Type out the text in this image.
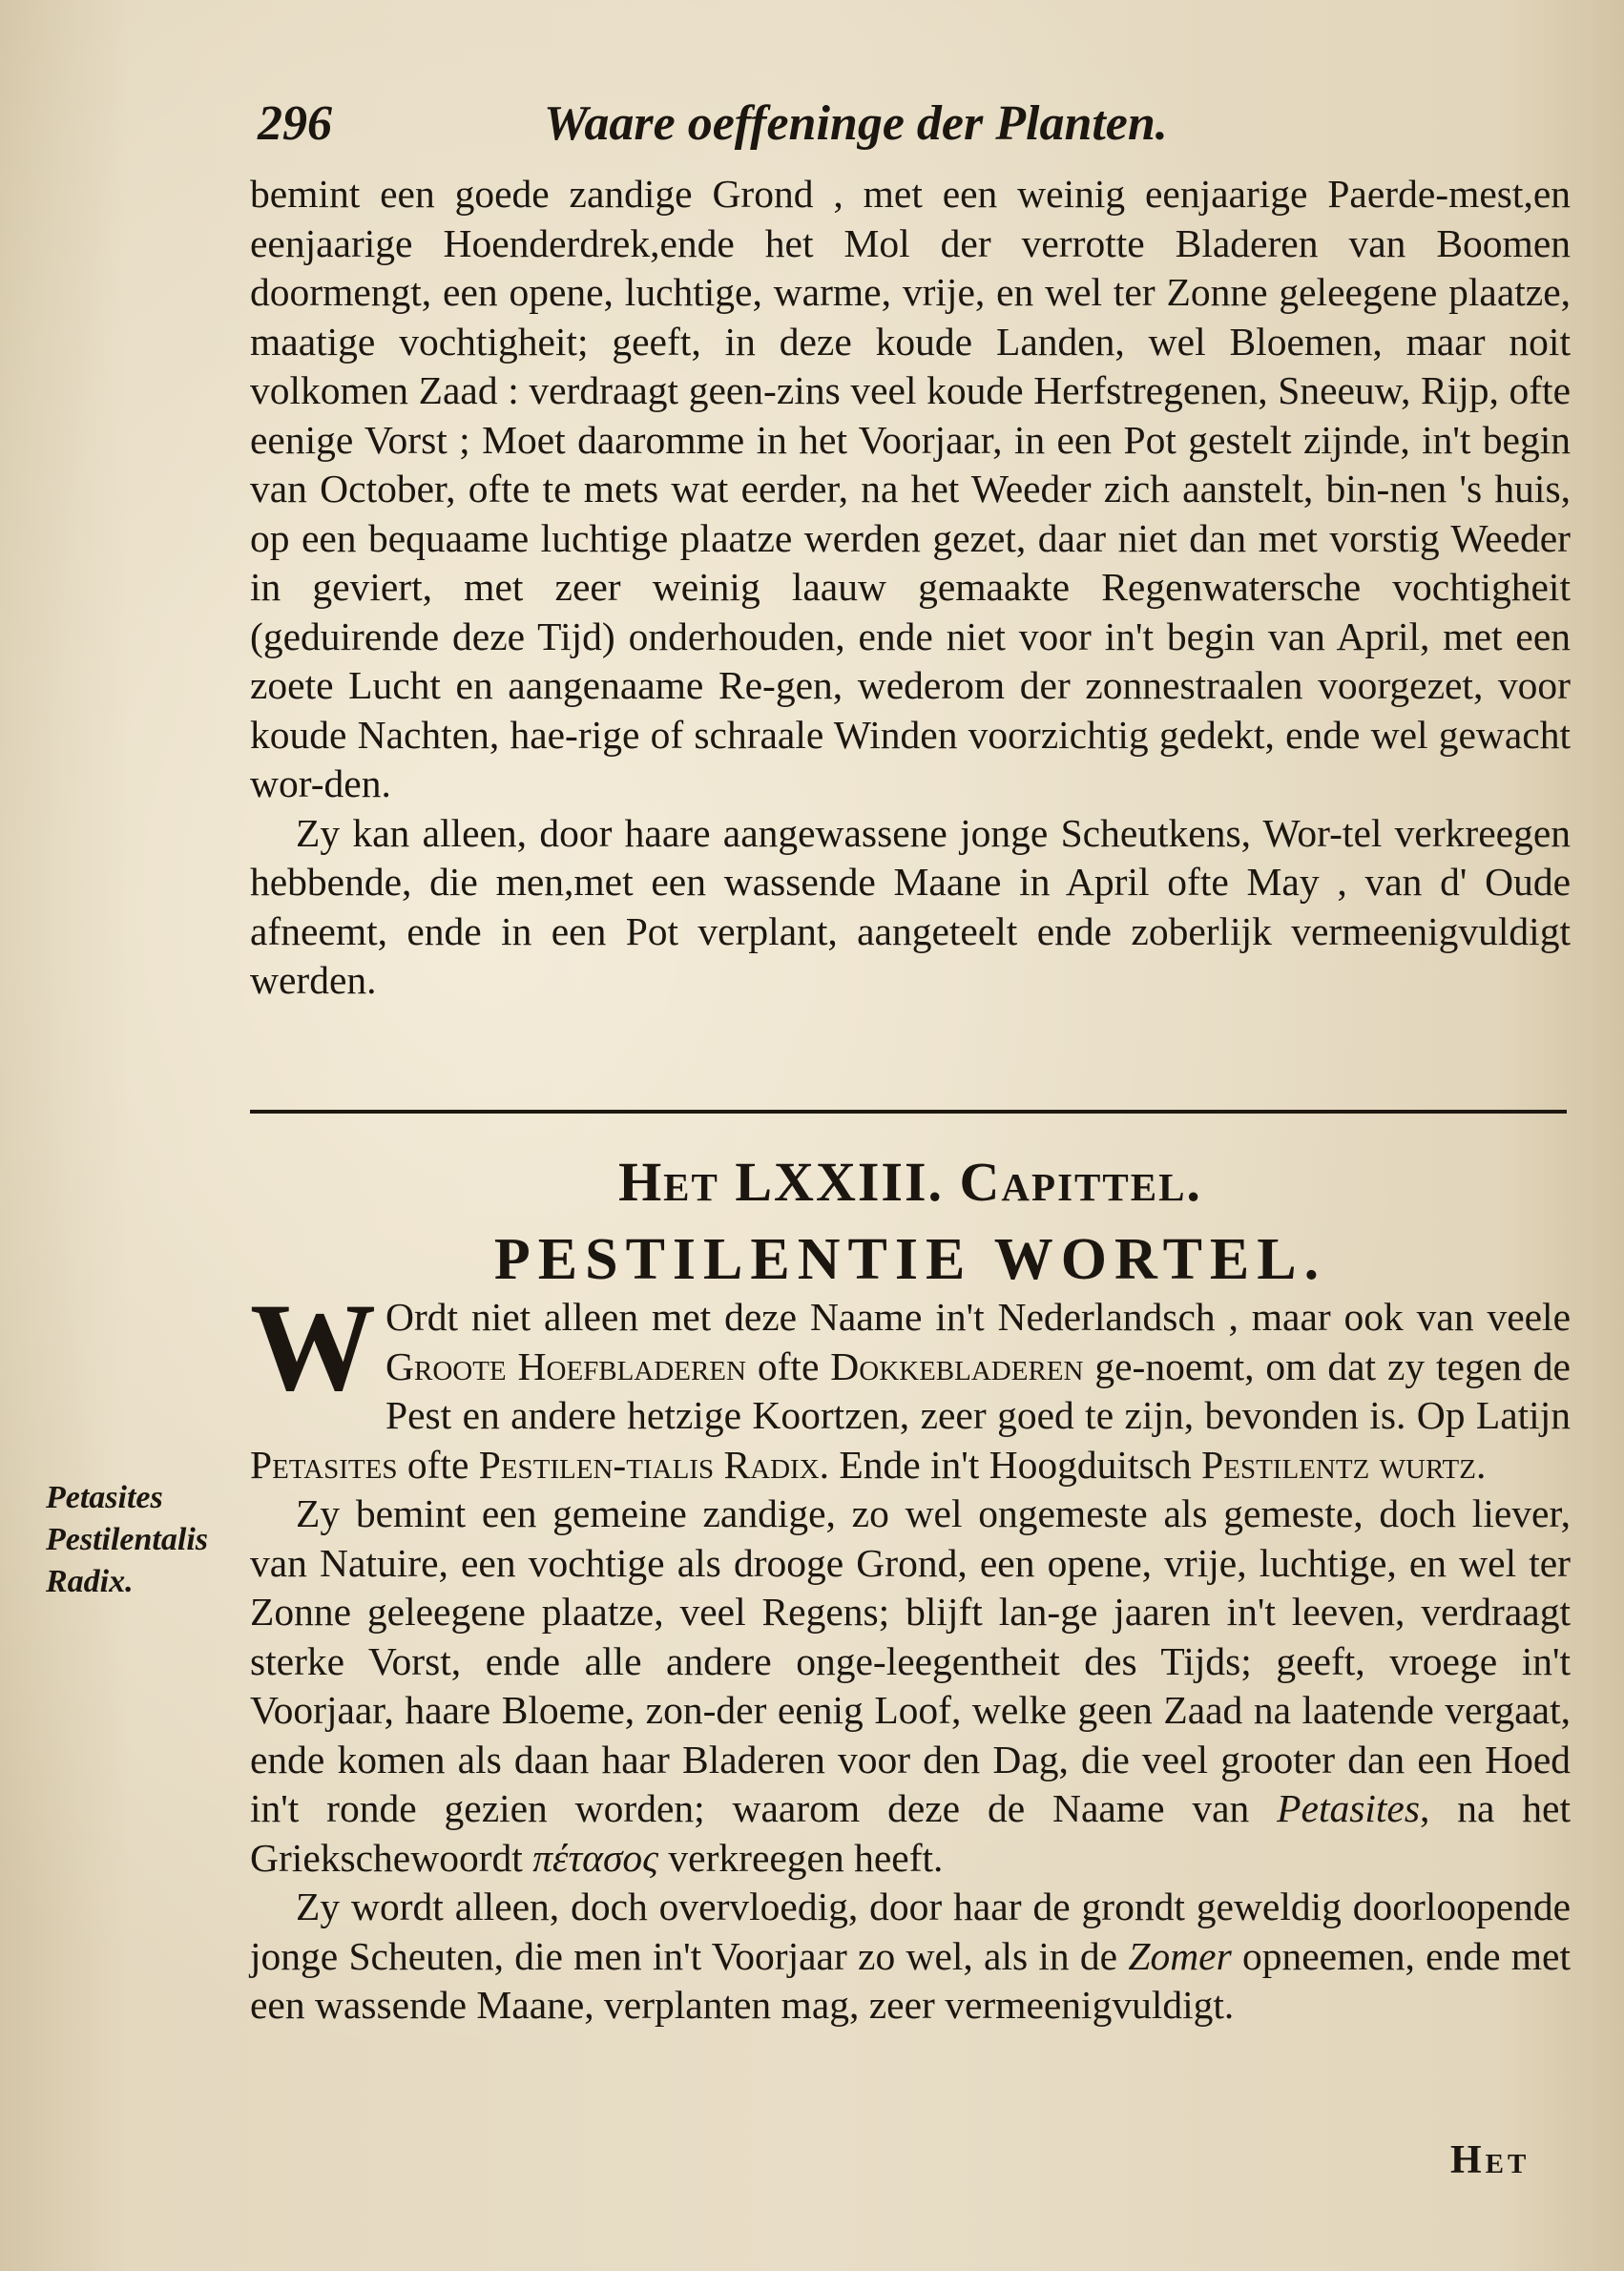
296	Waare oeffeninge der Planten.

bemint een goede zandige Grond , met een weinig eenjaarige Paerde-mest,en eenjaarige Hoenderdrek,ende het Mol der verrotte Bladeren van Boomen doormengt, een opene, luchtige, warme, vrije, en wel ter Zonne geleegene plaatze, maatige vochtigheit; geeft, in deze koude Landen, wel Bloemen, maar noit volkomen Zaad : verdraagt geen-zins veel koude Herfstregenen, Sneeuw, Rijp, ofte eenige Vorst ; Moet daaromme in het Voorjaar, in een Pot gestelt zijnde, in't begin van October, ofte te mets wat eerder, na het Weeder zich aanstelt, bin-nen 's huis, op een bequaame luchtige plaatze werden gezet, daar niet dan met vorstig Weeder in geviert, met zeer weinig laauw gemaakte Regenwatersche vochtigheit (geduirende deze Tijd) onderhouden, ende niet voor in't begin van April, met een zoete Lucht en aangenaame Re-gen, wederom der zonnestraalen voorgezet, voor koude Nachten, hae-rige of schraale Winden voorzichtig gedekt, ende wel gewacht wor-den.

Zy kan alleen, door haare aangewassene jonge Scheutkens, Wor-tel verkreegen hebbende, die men,met een wassende Maane in April ofte May , van d' Oude afneemt, ende in een Pot verplant, aangeteelt ende zoberlijk vermeenigvuldigt werden.

Het LXXIII. Capittel.
PESTILENTIE WORTEL.

W Ordt niet alleen met deze Naame in't Nederlandsch , maar ook van veele Groote Hoefbladeren ofte Dokkebladeren ge-noemt, om dat zy tegen de Pest en andere hetzige Koortzen, zeer goed te zijn, bevonden is. Op Latijn Petasites ofte Pestilen-tialis Radix. Ende in't Hoogduitsch Pestilentz wurtz.

Zy bemint een gemeine zandige, zo wel ongemeste als gemeste, doch liever, van Natuire, een vochtige als drooge Grond, een opene, vrije, luchtige, en wel ter Zonne geleegene plaatze, veel Regens; blijft lan-ge jaaren in't leeven, verdraagt sterke Vorst, ende alle andere onge-leegentheit des Tijds; geeft, vroege in't Voorjaar, haare Bloeme, zon-der eenig Loof, welke geen Zaad na laatende vergaat, ende komen als daan haar Bladeren voor den Dag, die veel grooter dan een Hoed in't ronde gezien worden; waarom deze de Naame van Petasites, na het Griekschewoordt πέτασος verkreegen heeft.

Zy wordt alleen, doch overvloedig, door haar de grondt geweldig doorloopende jonge Scheuten, die men in't Voorjaar zo wel, als in de Zomer opneemen, ende met een wassende Maane, verplanten mag, zeer vermeenigvuldigt.

Petasites
Pestilentalis
Radix.
Het
